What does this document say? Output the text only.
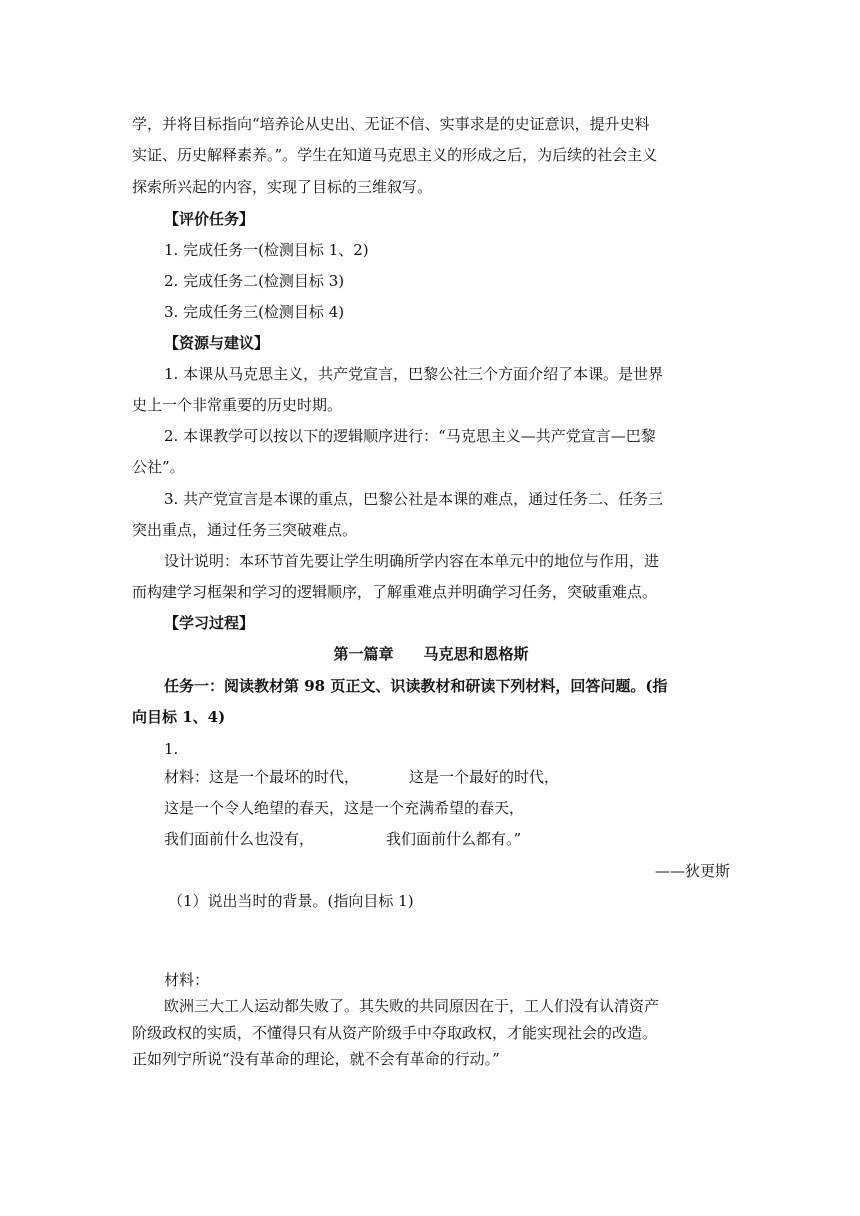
学，并将目标指向“培养论从史出、无证不信、实事求是的史证意识，提升史料

实证、历史解释素养。”。学生在知道马克思主义的形成之后，为后续的社会主义

探索所兴起的内容，实现了目标的三维叙写。

【评价任务】

1. 完成任务一(检测目标 1、2)

2. 完成任务二(检测目标 3)

3. 完成任务三(检测目标 4)

【资源与建议】

1. 本课从马克思主义，共产党宣言，巴黎公社三个方面介绍了本课。是世界

史上一个非常重要的历史时期。

2. 本课教学可以按以下的逻辑顺序进行：“马克思主义—共产党宣言—巴黎

公社”。

3. 共产党宣言是本课的重点，巴黎公社是本课的难点，通过任务二、任务三

突出重点，通过任务三突破难点。

设计说明：本环节首先要让学生明确所学内容在本单元中的地位与作用，进

而构建学习框架和学习的逻辑顺序，了解重难点并明确学习任务，突破重难点。

【学习过程】

第一篇章　　马克思和恩格斯

任务一：阅读教材第 98 页正文、识读教材和研读下列材料，回答问题。(指

向目标 1、4)

1.

材料：这是一个最坏的时代，	这是一个最好的时代，

这是一个令人绝望的春天，这是一个充满希望的春天，

我们面前什么也没有，	我们面前什么都有。”

——狄更斯

（1）说出当时的背景。(指向目标 1)

材料：

欧洲三大工人运动都失败了。其失败的共同原因在于，工人们没有认清资产

阶级政权的实质，不懂得只有从资产阶级手中夺取政权，才能实现社会的改造。

正如列宁所说“没有革命的理论，就不会有革命的行动。”
